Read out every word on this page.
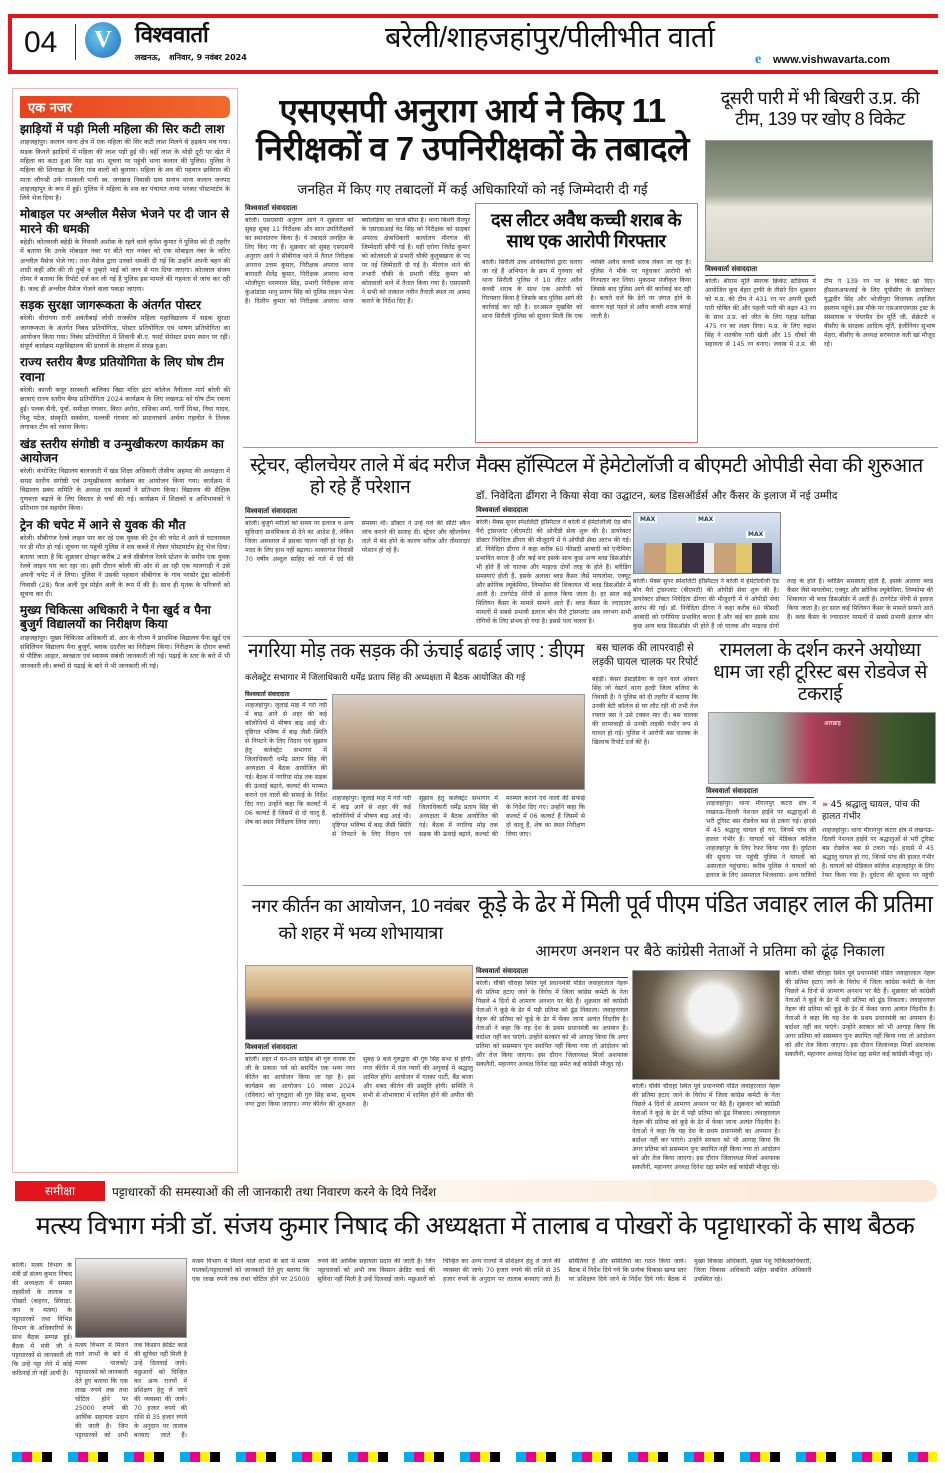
04	V	विश्ववार्ता
लखनऊ,   शनिवार, 9 नवंबर 2024
बरेली/शाहजहांपुर/पीलीभीत वार्ता
e www.vishwavarta.com
एक नजर
झाड़ियों में पड़ी मिली महिला की सिर कटी लाश
शाहजहांपुर। कलान थाना क्षेत्र में एक महिला की सिर कटी लाश मिलने से हड़कंप मच गया। सड़क किनारे झाड़ियों में महिला की लाश पड़ी हुई थी। वहीं लाश के थोड़ी दूरी पर खेत में महिला का कटा हुआ सिर पड़ा था। सूचना पर पहुंची थाना कलान की पुलिस। पुलिस ने महिला की शिनाख्त के लिए गांव वालों को बुलाया। महिला के शव की पहचान छविराम की माता लौंगश्री उर्फ रामकली पत्नी स्व. जगन्नाथ निवासी ग्राम सनाय थाना कलान जनपद शाहजहांपुर के रूप में हुई। पुलिस ने महिला के शव का पंचायत नामा भरकर पोस्टमार्टम के लिये भेज दिया है।
मोबाइल पर अश्लील मैसेज भेजने पर दी जान से मारने की धमकी
बहेड़ी। कोतवाली बहेड़ी के निवासी अशोक के रहने वाले कृपेश कुमार ने पुलिस को दी तहरीर में बताया कि उनके मोबाइल नंबर पर बीते चार नवंबर को एक मोबाइल नंबर के जरिए अश्लील मैसेज भेजे गए। तथा मैसेज द्वारा उनको धमकी दी गई कि उन्होंने अपनी बहन की शादी कहीं और की तो तुम्हें व तुम्हारे भाई को जान से मार दिया जाएगा। कोतवाल संजय तोमर ने बताया कि रिपोर्ट दर्ज कर ली गई है पुलिस इस मामले की गहनता से जांच कर रही है। जल्द ही अश्लील मैसेज भेजने वाला पकड़ा जाएगा।
सड़क सुरक्षा जागरूकता के अंतर्गत पोस्टर
बरेली। वीरांगना रानी अवंतीबाई लोधी राजकीय महिला महाविद्यालय में सड़क सुरक्षा जागरूकता के अंतर्गत निबंध प्रतियोगिता, पोस्टर प्रतियोगिता एवं भाषण प्रतियोगिता का आयोजन किया गया। निबंध प्रतियोगिता में शिवानी बी.ए. फर्स्ट सेमेस्टर प्रथम स्थान पर रहीं। संपूर्ण कार्यक्रम महाविद्यालय की प्राचार्य के संरक्षण में संपन्न हुआ।
राज्य स्तरीय बैण्ड प्रतियोगिता के लिए घोष टीम रवाना
बरेली। कान्ती कपूर सरस्वती बालिका विद्या मंदिर इंटर कॉलेज नैनीताल मार्ग बरेली की छात्राएं राज्य स्तरीय बैण्ड प्रतियोगिता 2024 कार्यक्रम के लिए लखनऊ को घोष टीम रवाना हुई। पलक सैनी, पूर्वा, समीक्षा गंगवार, विरत अरोरा, राधिका शर्मा, गार्गी मिश्रा, निधा यादव, निशु पटेल, संस्कृति सक्सेना, पल्लवी गंगवार को प्रधानाचार्य अर्चना गहलोत ने तिलक लगाकर टीम को रवाना किया।
खंड स्तरीय संगोष्ठी व उन्मुखीकरण कार्यक्रम का आयोजन
बरेली। कंपोजिट विद्यालय बालजाती में खंड शिक्षा अधिकारी तौसीफ अहमद की अध्यक्षता में समग्र स्तरीय संगोष्ठी एवं उन्मुखीकरण कार्यक्रम का आयोजन किया गया। कार्यक्रम में विद्यालय प्रबंध समिति के अध्यक्ष एवं सदस्यों ने प्रतिभाग किया। विद्यालय की शैक्षिक गुणवत्ता बढ़ाने के लिए विस्तार से चर्चा की गई। कार्यक्रम में शिक्षकों व अभिभावकों ने प्रतिभाग एवं सहयोग किया।
ट्रेन की चपेट में आने से युवक की मौत
बरेली। सीबीगंज रेलवे लाइन पार कर रहे एक युवक की ट्रेन की चपेट में आने से घटनास्थल पर ही मौत हो गई। सूचना पर पहुंची पुलिस ने शव कब्जे में लेकर पोस्टमार्टम हेतु भेज दिया। बताया जाता है कि शुक्रवार दोपहर करीब 2 बजे सीबीगंज रेलवे स्टेशन के समीप एक युवक रेलवे लाइन पार कर रहा था। इसी दौरान बरेली की ओर से आ रही एक मालगाड़ी ने उसे अपनी चपेट में ले लिया। पुलिस ने उसकी पहचान सीबीगंज के गांव परसोर टूंडा कॉलोनी निवासी (28) फैज अली पुत्र मोईन अली के रूप में की है। साथ ही मृतक के परिजनों को सूचना कर दी।
मुख्य चिकित्सा अधिकारी ने पैना खुर्द व पैना बुजुर्ग विद्यालयों का निरीक्षण किया
शाहजहांपुर। मुख्य चिकित्सा अधिकारी डॉ. आर के गौतम ने प्राथमिक विद्यालय पैना खुर्द एवं संविलियन विद्यालय पैना बुजुर्ग, ब्लाक ददरौल का निरीक्षण किया। निरीक्षण के दौरान बच्चों से पौष्टिक आहार, स्वच्छता एवं स्वास्थ्य संबंधी जानकारी ली गई। पढ़ाई के स्तर के बारे में भी जानकारी ली। बच्चों से पढ़ाई के बारे में भी जानकारी ली गई।
एसएसपी अनुराग आर्य ने किए 11 निरीक्षकों व 7 उपनिरीक्षकों के तबादले
जनहित में किए गए तबादलों में कई अधिकारियों को नई जिम्मेदारी दी गई
विश्ववार्ता संवाददाता
बरेली। एसएसपी अनुराग आर्य ने शुक्रवार को सुबह सुबह 11 निरीक्षक और सात उपनिरीक्षकों का स्थानांतरण किया है। ये तबादले जनहित के लिए किए गए हैं। शुक्रवार को सुबह एसएसपी अनुराग आर्य ने सीबीगंज थाने में तैनात निरीक्षक अपराध उत्तम कुमार, निरीक्षक अपराध थाना बारादरी शैलेंद्र कुमार, निरीक्षक अपराध थाना भोजीपुरा धरमपाल सिंह, प्रभारी निरीक्षक थाना कुआंडांडा भानु प्रताप सिंह को पुलिस लाइन भेजा है। दिलीप कुमार को निरीक्षक अपराध थाना क्योलड़िया का चार्ज सौंपा है। थाना बिथरी चैनपुर के एसएसआई वेद सिंह को निरीक्षक को साइबर अपराध क्षेत्राधिकारी कार्यालय मीरगंज की जिम्मेदारी सौंपी गई है। वहीं दरोगा जितेंद्र कुमार को कोतवाली से प्रभारी चौकी कुतुबखाना के पद पर नई जिम्मेदारी दी गई है। मीरगंज थाने की लभारी चौकी के प्रभारी वीरेंद्र कुमार को कोतवाली थाने में तैनात किया गया है। एसएसपी ने सभी को तत्काल नवीन तैनाती स्थल पर आमद कराने के निर्देश दिए हैं।
दस लीटर अवैध कच्ची शराब के साथ एक आरोपी गिरफ्तार
बरेली। सिरौली उच्च अधिकारियों द्वारा चलाए जा रहे हैं अभियान के क्रम में गुरुवार को थाना सिरौली पुलिस ने 10 लीटर अवैध कच्ची शराब के साथ एक आरोपी को गिरफ्तार किया है जिसके बाद पुलिस आगे की कार्रवाई कर रही है। दरअसल मुखबिर को थाना सिरौली पुलिस को सूचना मिली कि एक व्यक्ति अवैध कच्ची शराब लेकर जा रहा है। पुलिस ने मौके पर पहुंचकर आरोपी को गिरफ्तार कर लिया। मुकदमा पंजीकृत किया जिसके बाद पुलिस आगे की कार्रवाई कर रही है। बताते चलें कि डेरों पर जंगल होने के कारण यहां पहले से अवैध कच्ची शराब बनाई जाती है।
दूसरी पारी में भी बिखरी उ.प्र. की टीम, 139 पर खोए 8 विकेट
विश्ववार्ता संवाददाता
बरेली। श्रीराम मूर्ति स्मारक क्रिकेट स्टेडियम में आयोजित कूच बेहार ट्राफी के तीसरे दिन शुक्रवार को म.प्र. की टीम ने 431 रन पर अपनी दूसरी पारी घोषित की और पहली पारी की बढ़त 43 रन के साथ उ.प्र. को जीत के लिए पहाड़ सरीखा 475 रन का लक्ष्य दिया। म.प्र. के लिए रुद्रांश सिंह ने शतकीय पारी खेली और 15 चौकों की सहायता से 145 रन बनाए। जवाब में उ.प्र. की टीम ने 139 रन पर 8 विकेट खो दिए। हौसलाअफजाई के लिए यूपीसीए के डायरेक्टर युद्धवीर सिंह और भोजीपुरा विधायक शहजिल इस्लाम पहुंचे। इस मौके पर एसआरएमएस ट्रस्ट के संस्थापक व चेयरमैन देव मूर्ति जी, सेक्रेटरी व बीसीए के संरक्षक आदित्य मूर्ति, इंजीनियर सुभाष मेहरा, बीसीए के अध्यक्ष सरफराज वली खां मौजूद रहे।
स्ट्रेचर, व्हीलचेयर ताले में बंद मरीज हो रहे हैं परेशान
विश्ववार्ता संवाददाता
बरेली। बुजुर्ग मरीजों को समय पर इलाज व अन्य सुविधाएं प्राथमिकता से देने का आदेश है, लेकिन जिला अस्पताल में इसका पालन नहीं हो रहा है। मदद के लिए हाथ नहीं बढ़ाया। थाकरगंज निवासी 70 वर्षीय अब्दुल साहिद को गले में दर्द की समस्या थी। डॉक्टर ने उन्हें गले की सीटी स्कैन जांच कराने की सलाह दी। स्ट्रेचर और व्हीलचेयर ताले में बंद होने के कारण मरीज और तीमारदार परेशान हो रहे हैं।
मैक्स हॉस्पिटल में हेमेटोलॉजी व बीएमटी ओपीडी सेवा की शुरुआत
डॉ. निवेदिता ढींगरा ने किया सेवा का उद्घाटन, ब्लड डिसऑर्डर्स और कैंसर के इलाज में नई उम्मीद
विश्ववार्ता संवाददाता
बरेली। मैक्स सुपर स्पेशलिटी हॉस्पिटल ने बरेली में हेमेटोलॉजी एंड बोन मैरो ट्रांसप्लांट (बीएमटी) की ओपीडी सेवा शुरू की है। डायरेक्टर डॉक्टर निवेदिता ढींगरा की मौजूदगी में ये ओपीडी सेवा आरंभ की गई। डॉ. निवेदिता ढींगरा ने कहा करीब 60 फीसदी आबादी को एनीमिया प्रभावित करता है और कई बार इसके साथ कुछ अन्य ब्लड डिसऑर्डर भी होते हैं जो घातक और माइल्ड दोनों तरह के होते हैं। ब्लीडिंग समस्याएं होती हैं, इसके अलावा ब्लड कैंसर जैसे मायलोमा, एक्यूट और क्रोनिक ल्यूकेमिया, लिम्फोमा की शिकायत भी ब्लड डिसऑर्डर में आती है। टारगेटेड थेरेपी से इलाज किया जाता है। हर साल कई मिलियन कैंसर के मामले सामने आते हैं। ब्लड कैंसर के ज्यादातर मामलों में सबसे प्रभावी इलाज बोन मैरो ट्रांसप्लांट अब लगभग सभी रोगियों के लिए संभव हो गया है। इससे पता चलता है।
MAX	MAX
MAX
बरेली। मैक्स सुपर स्पेशलिटी हॉस्पिटल ने बरेली में हेमेटोलॉजी एंड बोन मैरो ट्रांसप्लांट (बीएमटी) की ओपीडी सेवा शुरू की है। डायरेक्टर डॉक्टर निवेदिता ढींगरा की मौजूदगी में ये ओपीडी सेवा आरंभ की गई। डॉ. निवेदिता ढींगरा ने कहा करीब 60 फीसदी आबादी को एनीमिया प्रभावित करता है और कई बार इसके साथ कुछ अन्य ब्लड डिसऑर्डर भी होते हैं जो घातक और माइल्ड दोनों तरह के होते हैं। ब्लीडिंग समस्याएं होती हैं, इसके अलावा ब्लड कैंसर जैसे मायलोमा, एक्यूट और क्रोनिक ल्यूकेमिया, लिम्फोमा की शिकायत भी ब्लड डिसऑर्डर में आती है। टारगेटेड थेरेपी से इलाज किया जाता है। हर साल कई मिलियन कैंसर के मामले सामने आते हैं। ब्लड कैंसर के ज्यादातर मामलों में सबसे प्रभावी इलाज बोन
नगरिया मोड़ तक सड़क की ऊंचाई बढाई जाए : डीएम
कलेक्ट्रेट सभागार में जिलाधिकारी धर्मेंद्र प्रताप सिंह की अध्यक्षता में बैठक आयोजित की गई
विश्ववार्ता संवाददाता
शाहजहांपुर। जुलाई माह में गर्रा नदी में बाढ़ आने से शहर की कई कॉलोनियों में भीषण बाढ़ आई थी। दृष्टिगत भविष्य में बाढ़ जैसी स्थिति से निपटने के लिए निदान एवं सुझाव हेतु कलेक्ट्रेट सभागार में जिलाधिकारी धर्मेंद्र प्रताप सिंह की अध्यक्षता में बैठक आयोजित की गई। बैठक में नगरिया मोड़ तक सड़क की ऊंचाई बढ़ाने, कल्वर्ट की मरम्मत कराने एवं नालों की सफाई के निर्देश दिए गए। उन्होंने कहा कि कल्वर्ट में 06 कल्वर्ट हैं जिसमें से दो चालू हैं, शेष का स्थल निरीक्षण लिया जाए।
शाहजहांपुर। जुलाई माह में गर्रा नदी में बाढ़ आने से शहर की कई कॉलोनियों में भीषण बाढ़ आई थी। दृष्टिगत भविष्य में बाढ़ जैसी स्थिति से निपटने के लिए निदान एवं सुझाव हेतु कलेक्ट्रेट सभागार में जिलाधिकारी धर्मेंद्र प्रताप सिंह की अध्यक्षता में बैठक आयोजित की गई। बैठक में नगरिया मोड़ तक सड़क की ऊंचाई बढ़ाने, कल्वर्ट की मरम्मत कराने एवं नालों की सफाई के निर्देश दिए गए। उन्होंने कहा कि कल्वर्ट में 06 कल्वर्ट हैं जिसमें से दो चालू हैं, शेष का स्थल निरीक्षण लिया जाए।
बस चालक की लापरवाही से लड़की घायल चालक पर रिपोर्ट
बहेड़ी। केसर ईस्टइंडिया के रहने वाले ओंकार सिंह जो वेस्टर्न थाना हल्दी जिला बलिया के निवासी हैं। ने पुलिस को दी तहरीर में बताया कि उनकी बेटी कॉलेज से घर लौट रही थी तभी तेज रफ्तार बस ने उसे टक्कर मार दी। बस चालक की लापरवाही से उनकी लड़की गंभीर रूप से घायल हो गई। पुलिस ने आरोपी बस चालक के खिलाफ रिपोर्ट दर्ज की है।
रामलला के दर्शन करने अयोध्या धाम जा रही टूरिस्ट बस रोडवेज से टकराई
आरब्राह
विश्ववार्ता संवाददाता
शाहजहांपुर। थाना मीरानपुर कटरा क्षेत्र में लखनऊ-दिल्ली नेशनल हाईवे पर श्रद्धालुओं से भरी टूरिस्ट बस रोडवेज बस से टकरा गई। हादसे में 45 श्रद्धालु घायल हो गए, जिनमें पांच की हालत गंभीर है। घायलों को मेडिकल कॉलेज शाहजहांपुर के लिए रेफर किया गया है। दुर्घटना की सूचना पर पहुंची पुलिस ने घायलों को अस्पताल पहुंचाया। करीब पुलिस ने घायलों को इलाज के लिए अस्पताल भिजवाया। अन्य यात्रियों
» 45 श्रद्धालु घायल, पांच की हालत गंभीर
शाहजहांपुर। थाना मीरानपुर कटरा क्षेत्र में लखनऊ-दिल्ली नेशनल हाईवे पर श्रद्धालुओं से भरी टूरिस्ट बस रोडवेज बस से टकरा गई। हादसे में 45 श्रद्धालु घायल हो गए, जिनमें पांच की हालत गंभीर है। घायलों को मेडिकल कॉलेज शाहजहांपुर के लिए रेफर किया गया है। दुर्घटना की सूचना पर पहुंची
नगर कीर्तन का आयोजन, 10 नवंबर को शहर में भव्य शोभायात्रा
विश्ववार्ता संवाददाता
बरेली। शहर में धन-धन साहिब श्री गुरु नानक देव जी के प्रकाश पर्व को समर्पित एक भव्य नगर कीर्तन का आयोजन किया जा रहा है। इस कार्यक्रम का आयोजन 10 नवंबर 2024 (रविवार) को गुरुद्वारा श्री गुरु सिंह सभा, सुभाष नगर द्वारा किया जाएगा। नगर कीर्तन की शुरुआत सुबह 9 बजे गुरुद्वारा श्री गुरु सिंह सभा से होगी। नगर कीर्तन में पंज प्यारों की अगुवाई में श्रद्धालु शामिल होंगे। आयोजन में गतका पार्टी, बैंड बाजा और शबद कीर्तन की प्रस्तुति होगी। समिति ने सभी से शोभायात्रा में शामिल होने की अपील की है।
कूड़े के ढेर में मिली पूर्व पीएम पंडित जवाहर लाल की प्रतिमा
आमरण अनशन पर बैठे कांग्रेसी नेताओं ने प्रतिमा को ढूंढ़ निकाला
विश्ववार्ता संवाददाता
बरेली। चौकी चौराहा स्थित पूर्व प्रधानमंत्री पंडित जवाहरलाल नेहरू की प्रतिमा हटाए जाने के विरोध में जिला कांग्रेस कमेटी के नेता पिछले 4 दिनों से आमरण अनशन पर बैठे हैं। शुक्रवार को कांग्रेसी नेताओं ने कूड़े के ढेर में पड़ी प्रतिमा को ढूंढ निकाला। जवाहरलाल नेहरू की प्रतिमा को कूड़े के ढेर में फेंका जाना अत्यंत निंदनीय है। नेताओं ने कहा कि यह देश के प्रथम प्रधानमंत्री का अपमान है। बर्दाश्त नहीं कर पाएंगे। उन्होंने सरकार को भी आगाह किया कि अगर प्रतिमा को ससम्मान पुनः स्थापित नहीं किया गया तो आंदोलन को और तेज किया जाएगा। इस दौरान जिलाध्यक्ष मिर्जा अशफाक सकलैनी, महानगर अध्यक्ष दिनेश दद्दा समेत कई कांग्रेसी मौजूद रहे।
बरेली। चौकी चौराहा स्थित पूर्व प्रधानमंत्री पंडित जवाहरलाल नेहरू की प्रतिमा हटाए जाने के विरोध में जिला कांग्रेस कमेटी के नेता पिछले 4 दिनों से आमरण अनशन पर बैठे हैं। शुक्रवार को कांग्रेसी नेताओं ने कूड़े के ढेर में पड़ी प्रतिमा को ढूंढ निकाला। जवाहरलाल नेहरू की प्रतिमा को कूड़े के ढेर में फेंका जाना अत्यंत निंदनीय है। नेताओं ने कहा कि यह देश के प्रथम प्रधानमंत्री का अपमान है। बर्दाश्त नहीं कर पाएंगे। उन्होंने सरकार को भी आगाह किया कि अगर प्रतिमा को ससम्मान पुनः स्थापित नहीं किया गया तो आंदोलन को और तेज किया जाएगा। इस दौरान जिलाध्यक्ष मिर्जा अशफाक सकलैनी, महानगर अध्यक्ष दिनेश दद्दा समेत कई कांग्रेसी मौजूद रहे।
बरेली। चौकी चौराहा स्थित पूर्व प्रधानमंत्री पंडित जवाहरलाल नेहरू की प्रतिमा हटाए जाने के विरोध में जिला कांग्रेस कमेटी के नेता पिछले 4 दिनों से आमरण अनशन पर बैठे हैं। शुक्रवार को कांग्रेसी नेताओं ने कूड़े के ढेर में पड़ी प्रतिमा को ढूंढ निकाला। जवाहरलाल नेहरू की प्रतिमा को कूड़े के ढेर में फेंका जाना अत्यंत निंदनीय है। नेताओं ने कहा कि यह देश के प्रथम प्रधानमंत्री का अपमान है। बर्दाश्त नहीं कर पाएंगे। उन्होंने सरकार को भी आगाह किया कि अगर प्रतिमा को ससम्मान पुनः स्थापित नहीं किया गया तो आंदोलन को और तेज किया जाएगा। इस दौरान जिलाध्यक्ष मिर्जा अशफाक सकलैनी, महानगर अध्यक्ष दिनेश दद्दा समेत कई कांग्रेसी मौजूद रहे।
समीक्षा	पट्टाधारकों की समस्याओं की ली जानकारी तथा निवारण करने के दिये निर्देश
मत्स्य विभाग मंत्री डॉ. संजय कुमार निषाद की अध्यक्षता में तालाब व पोखरों के पट्टाधारकों के साथ बैठक
बरेली। मत्स्य विभाग के मंत्री डॉ संजय कुमार निषाद की अध्यक्षता में समस्त तहसीलों के तालाब व पोखरों (कहरन, सिंघाड़ा, जन व मत्स्य) के पट्टाधारकों तथा विभिन्न विभाग के अधिकारियों के साथ बैठक सम्पन्न हुई। बैठक में मंत्री जी ने पट्टाधारकों से जानकारी ली कि उन्हें पट्टा लेने में कोई कठिनाई तो नहीं आयी है।
मत्स्य विभाग में मिलने वाले लाभों के बारे में मत्स्य पालकों/पट्टाधारकों को जानकारी देते हुए बताया कि एक लाख रुपये तक तथा चोटिल होने पर 25000 रुपये की आर्थिक सहायता प्रदान की जाती है। जिन पट्टाधारकों को अभी तक किसान क्रेडिट कार्ड की सुविधा नहीं मिली है उन्हें दिलवाई जाये। मछुआरों को चिन्हित कर अन्य राज्यों में प्रशिक्षण हेतु ले जाने की व्यवस्था की जाये। 70 हजार रुपये की राशि से 35 हजार रुपये के अनुदान पर तालाब बनवाए जाते हैं।
मत्स्य विभाग में मिलने वाले लाभों के बारे में मत्स्य पालकों/पट्टाधारकों को जानकारी देते हुए बताया कि एक लाख रुपये तक तथा चोटिल होने पर 25000 रुपये की आर्थिक सहायता प्रदान की जाती है। जिन पट्टाधारकों को अभी तक किसान क्रेडिट कार्ड की सुविधा नहीं मिली है उन्हें दिलवाई जाये। मछुआरों को चिन्हित कर अन्य राज्यों में प्रशिक्षण हेतु ले जाने की व्यवस्था की जाये। 70 हजार रुपये की राशि से 35 हजार रुपये के अनुदान पर तालाब बनवाए जाते हैं। समितियां हैं और समितियों का गठन किया जाये। बैठक में निर्देश दिये गये कि प्रत्येक विकास खण्ड स्तर पर प्रशिक्षण दिये जाने के निर्देश दिये गये। बैठक में मुख्य विकास अधिकारी, मुख्य पशु चिकित्साधिकारी, जिला विकास अधिकारी सहित संबंधित अधिकारी उपस्थित रहे।
